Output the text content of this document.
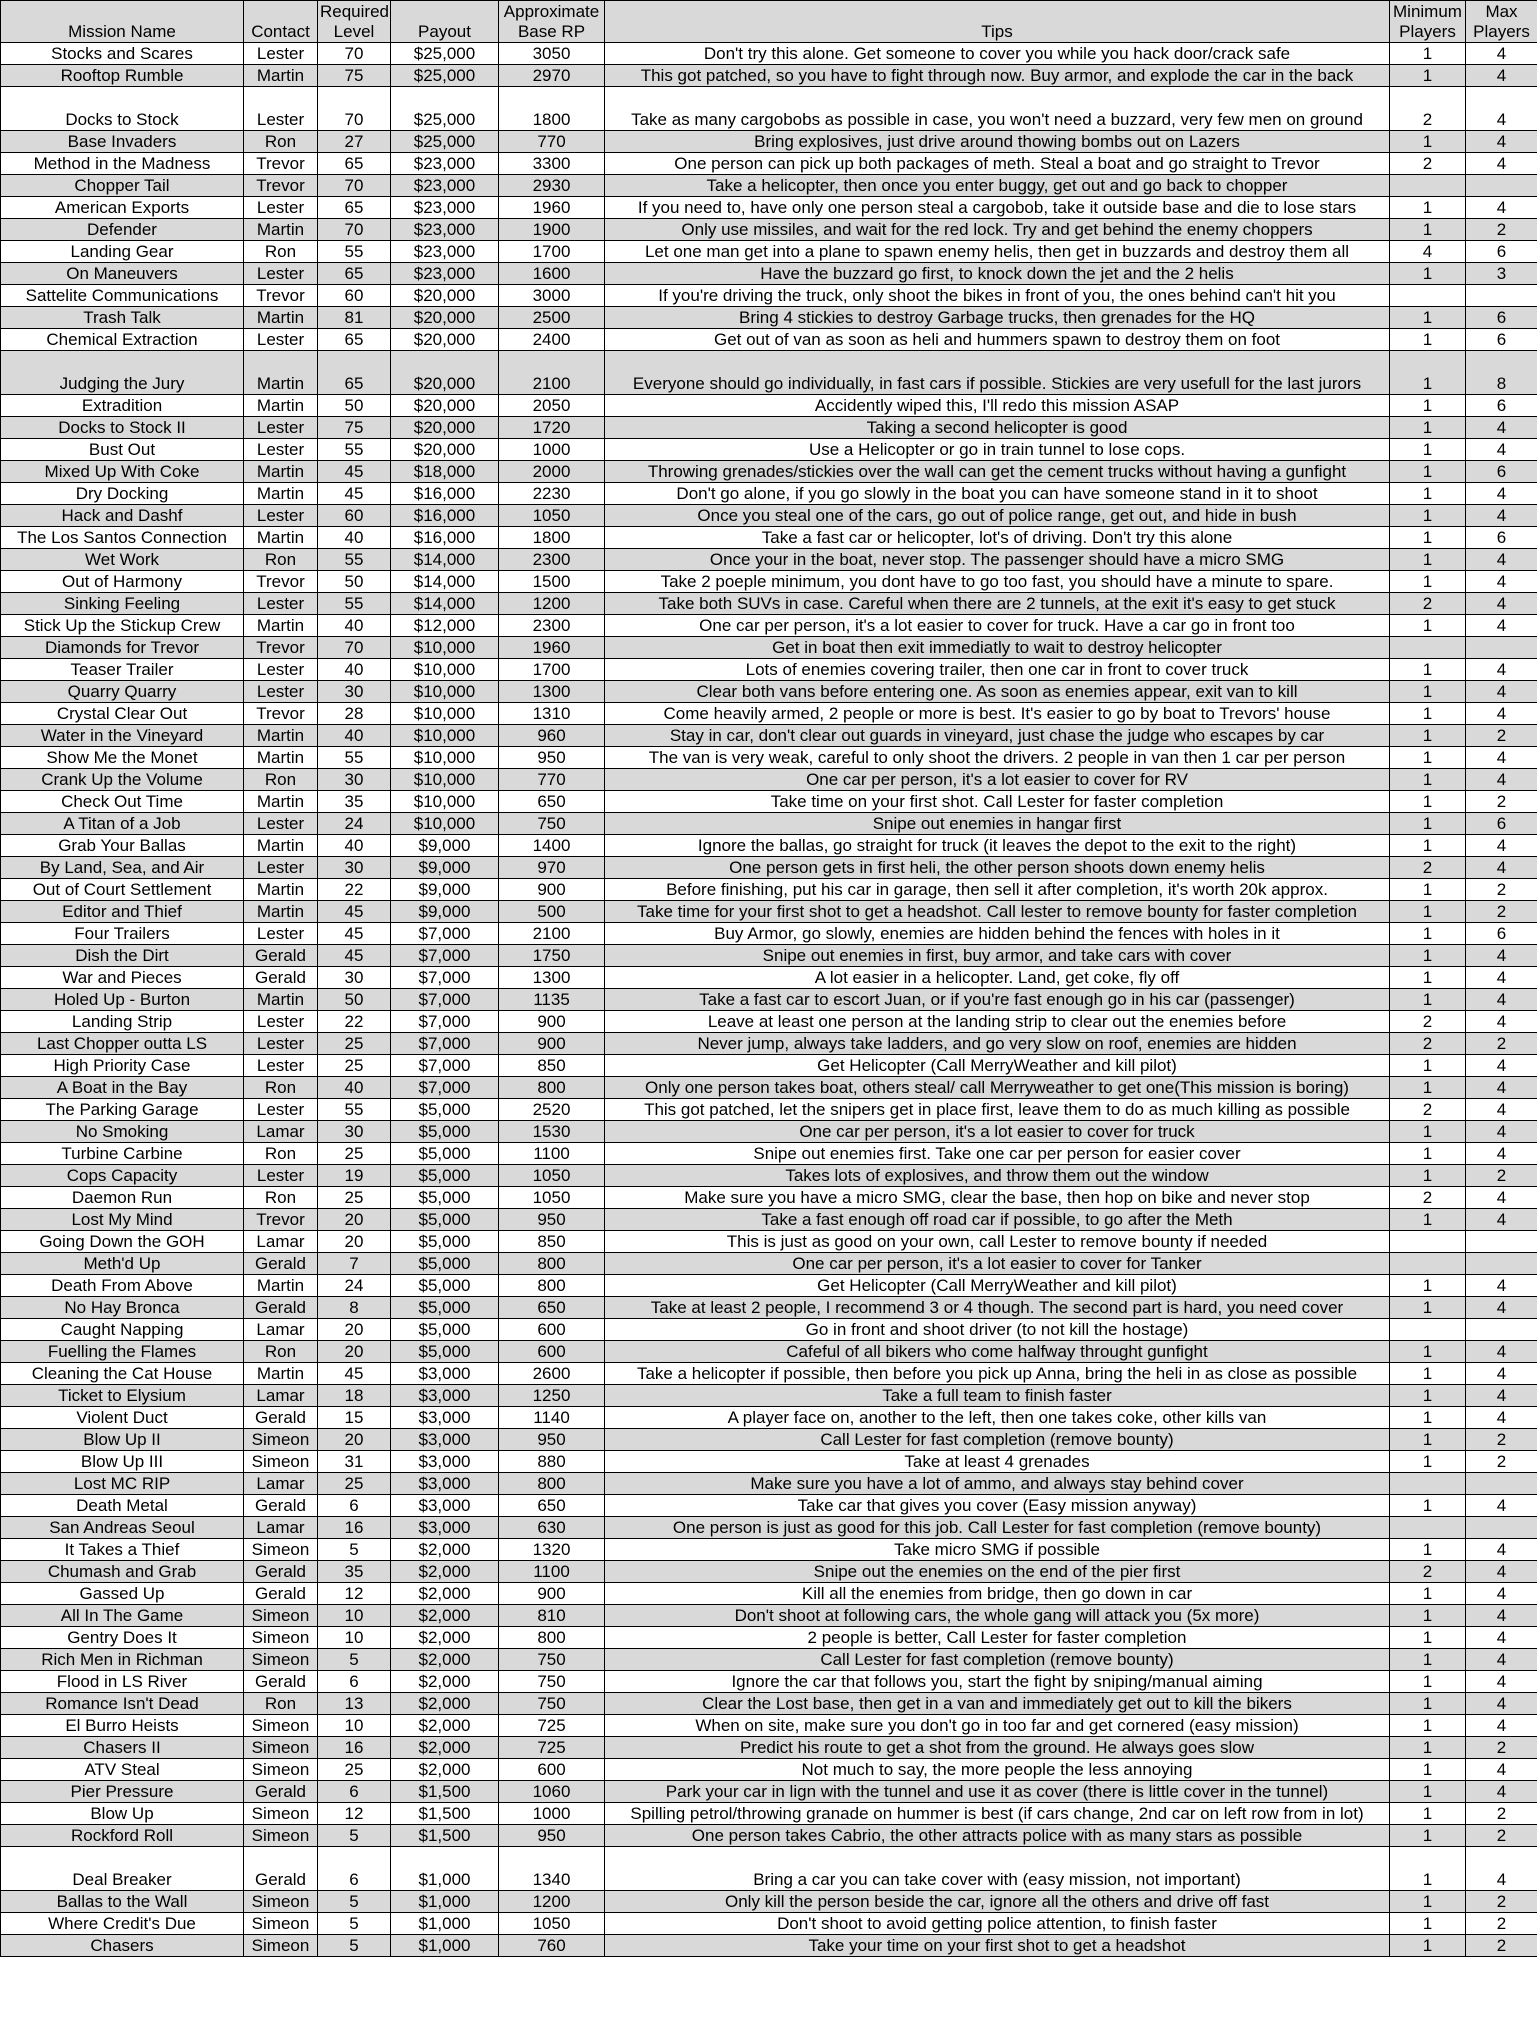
Mission Name	Contact	Required Level	Payout	Approximate Base RP	Tips	Minimum Players	Max Players
Stocks and Scares	Lester	70	$25,000	3050	Don't try this alone. Get someone to cover you while you hack door/crack safe	1	4
Rooftop Rumble	Martin	75	$25,000	2970	This got patched, so you have to fight through now. Buy armor, and explode the car in the back	1	4
Docks to Stock	Lester	70	$25,000	1800	Take as many cargobobs as possible in case, you won't need a buzzard, very few men on ground	2	4
Base Invaders	Ron	27	$25,000	770	Bring explosives, just drive around thowing bombs out on Lazers	1	4
Method in the Madness	Trevor	65	$23,000	3300	One person can pick up both packages of meth. Steal a boat and go straight to Trevor	2	4
Chopper Tail	Trevor	70	$23,000	2930	Take a helicopter, then once you enter buggy, get out and go back to chopper		
American Exports	Lester	65	$23,000	1960	If you need to, have only one person steal a cargobob, take it outside base and die to lose stars	1	4
Defender	Martin	70	$23,000	1900	Only use missiles, and wait for the red lock. Try and get behind the enemy choppers	1	2
Landing Gear	Ron	55	$23,000	1700	Let one man get into a plane to spawn enemy helis, then get in buzzards and destroy them all	4	6
On Maneuvers	Lester	65	$23,000	1600	Have the buzzard go first, to knock down the jet and the 2 helis	1	3
Sattelite Communications	Trevor	60	$20,000	3000	If you're driving the truck, only shoot the bikes in front of you, the ones behind can't hit you		
Trash Talk	Martin	81	$20,000	2500	Bring 4 stickies to destroy Garbage trucks, then grenades for the HQ	1	6
Chemical Extraction	Lester	65	$20,000	2400	Get out of van as soon as heli and hummers spawn to destroy them on foot	1	6
Judging the Jury	Martin	65	$20,000	2100	Everyone should go individually, in fast cars if possible. Stickies are very usefull for the last jurors	1	8
Extradition	Martin	50	$20,000	2050	Accidently wiped this, I'll redo this mission ASAP	1	6
Docks to Stock II	Lester	75	$20,000	1720	Taking a second helicopter is good	1	4
Bust Out	Lester	55	$20,000	1000	Use a Helicopter or go in train tunnel to lose cops.	1	4
Mixed Up With Coke	Martin	45	$18,000	2000	Throwing grenades/stickies over the wall can get the cement trucks without having a gunfight	1	6
Dry Docking	Martin	45	$16,000	2230	Don't go alone, if you go slowly in the boat you can have someone stand in it to shoot	1	4
Hack and Dashf	Lester	60	$16,000	1050	Once you steal one of the cars, go out of police range, get out, and hide in bush	1	4
The Los Santos Connection	Martin	40	$16,000	1800	Take a fast car or helicopter, lot's of driving. Don't try this alone	1	6
Wet Work	Ron	55	$14,000	2300	Once your in the boat, never stop. The passenger should have a micro SMG	1	4
Out of Harmony	Trevor	50	$14,000	1500	Take 2 poeple minimum, you dont have to go too fast, you should have a minute to spare.	1	4
Sinking Feeling	Lester	55	$14,000	1200	Take both SUVs in case. Careful when there are 2 tunnels, at the exit it's easy to get stuck	2	4
Stick Up the Stickup Crew	Martin	40	$12,000	2300	One car per person, it's a lot easier to cover for truck. Have a car go in front too	1	4
Diamonds for Trevor	Trevor	70	$10,000	1960	Get in boat then exit immediatly to wait to destroy helicopter		
Teaser Trailer	Lester	40	$10,000	1700	Lots of enemies covering trailer, then one car in front to cover truck	1	4
Quarry Quarry	Lester	30	$10,000	1300	Clear both vans before entering one. As soon as enemies appear, exit van to kill	1	4
Crystal Clear Out	Trevor	28	$10,000	1310	Come heavily armed, 2 people or more is best. It's easier to go by boat to Trevors' house	1	4
Water in the Vineyard	Martin	40	$10,000	960	Stay in car, don't clear out guards in vineyard, just chase the judge who escapes by car	1	2
Show Me the Monet	Martin	55	$10,000	950	The van is very weak, careful to only shoot the drivers. 2 people in van then 1 car per person	1	4
Crank Up the Volume	Ron	30	$10,000	770	One car per person, it's a lot easier to cover for RV	1	4
Check Out Time	Martin	35	$10,000	650	Take time on your first shot. Call Lester for faster completion	1	2
A Titan of a Job	Lester	24	$10,000	750	Snipe out enemies in hangar first	1	6
Grab Your Ballas	Martin	40	$9,000	1400	Ignore the ballas, go straight for truck (it leaves the depot to the exit to the right)	1	4
By Land, Sea, and Air	Lester	30	$9,000	970	One person gets in first heli, the other person shoots down enemy helis	2	4
Out of Court Settlement	Martin	22	$9,000	900	Before finishing, put his car in garage, then sell it after completion, it's worth 20k approx.	1	2
Editor and Thief	Martin	45	$9,000	500	Take time for your first shot to get a headshot. Call lester to remove bounty for faster completion	1	2
Four Trailers	Lester	45	$7,000	2100	Buy Armor, go slowly, enemies are hidden behind the fences with holes in it	1	6
Dish the Dirt	Gerald	45	$7,000	1750	Snipe out enemies in first, buy armor, and take cars with cover	1	4
War and Pieces	Gerald	30	$7,000	1300	A lot easier in a helicopter. Land, get coke, fly off	1	4
Holed Up - Burton	Martin	50	$7,000	1135	Take a fast car to escort Juan, or if you're fast enough go in his car (passenger)	1	4
Landing Strip	Lester	22	$7,000	900	Leave at least one person at the landing strip to clear out the enemies before	2	4
Last Chopper outta LS	Lester	25	$7,000	900	Never jump, always take ladders, and go very slow on roof, enemies are hidden	2	2
High Priority Case	Lester	25	$7,000	850	Get Helicopter (Call MerryWeather and kill pilot)	1	4
A Boat in the Bay	Ron	40	$7,000	800	Only one person takes boat, others steal/ call Merryweather to get one(This mission is boring)	1	4
The Parking Garage	Lester	55	$5,000	2520	This got patched, let the snipers get in place first, leave them to do as much killing as possible	2	4
No Smoking	Lamar	30	$5,000	1530	One car per person, it's a lot easier to cover for truck	1	4
Turbine Carbine	Ron	25	$5,000	1100	Snipe out enemies first. Take one car per person for easier cover	1	4
Cops Capacity	Lester	19	$5,000	1050	Takes lots of explosives, and throw them out the window	1	2
Daemon Run	Ron	25	$5,000	1050	Make sure you have a micro SMG, clear the base, then hop on bike and never stop	2	4
Lost My Mind	Trevor	20	$5,000	950	Take a fast enough off road car if possible, to go after the Meth	1	4
Going Down the GOH	Lamar	20	$5,000	850	This is just as good on your own, call Lester to remove bounty if needed		
Meth'd Up	Gerald	7	$5,000	800	One car per person, it's a lot easier to cover for Tanker		
Death From Above	Martin	24	$5,000	800	Get Helicopter (Call MerryWeather and kill pilot)	1	4
No Hay Bronca	Gerald	8	$5,000	650	Take at least 2 people, I recommend 3 or 4 though. The second part is hard, you need cover	1	4
Caught Napping	Lamar	20	$5,000	600	Go in front and shoot driver (to not kill the hostage)		
Fuelling the Flames	Ron	20	$5,000	600	Cafeful of all bikers who come halfway throught gunfight	1	4
Cleaning the Cat House	Martin	45	$3,000	2600	Take a helicopter if possible, then before you pick up Anna, bring the heli in as close as possible	1	4
Ticket to Elysium	Lamar	18	$3,000	1250	Take a full team to finish faster	1	4
Violent Duct	Gerald	15	$3,000	1140	A player face on, another to the left, then one takes coke, other kills van	1	4
Blow Up II	Simeon	20	$3,000	950	Call Lester for fast completion (remove bounty)	1	2
Blow Up III	Simeon	31	$3,000	880	Take at least 4 grenades	1	2
Lost MC RIP	Lamar	25	$3,000	800	Make sure you have a lot of ammo, and always stay behind cover		
Death Metal	Gerald	6	$3,000	650	Take car that gives you cover (Easy mission anyway)	1	4
San Andreas Seoul	Lamar	16	$3,000	630	One person is just as good for this job. Call Lester for fast completion (remove bounty)		
It Takes a Thief	Simeon	5	$2,000	1320	Take micro SMG if possible	1	4
Chumash and Grab	Gerald	35	$2,000	1100	Snipe out the enemies on the end of the pier first	2	4
Gassed Up	Gerald	12	$2,000	900	Kill all the enemies from bridge, then go down in car	1	4
All In The Game	Simeon	10	$2,000	810	Don't shoot at following cars, the whole gang will attack you (5x more)	1	4
Gentry Does It	Simeon	10	$2,000	800	2 people is better, Call Lester for faster completion	1	4
Rich Men in Richman	Simeon	5	$2,000	750	Call Lester for fast completion (remove bounty)	1	4
Flood in LS River	Gerald	6	$2,000	750	Ignore the car that follows you, start the fight by sniping/manual aiming	1	4
Romance Isn't Dead	Ron	13	$2,000	750	Clear the Lost base, then get in a van and immediately get out to kill the bikers	1	4
El Burro Heists	Simeon	10	$2,000	725	When on site, make sure you don't go in too far and get cornered (easy mission)	1	4
Chasers II	Simeon	16	$2,000	725	Predict his route to get a shot from the ground. He always goes slow	1	2
ATV Steal	Simeon	25	$2,000	600	Not much to say, the more people the less annoying	1	4
Pier Pressure	Gerald	6	$1,500	1060	Park your car in lign with the tunnel and use it as cover (there is little cover in the tunnel)	1	4
Blow Up	Simeon	12	$1,500	1000	Spilling petrol/throwing granade on hummer is best (if cars change, 2nd car on left row from in lot)	1	2
Rockford Roll	Simeon	5	$1,500	950	One person takes Cabrio, the other attracts police with as many stars as possible	1	2
Deal Breaker	Gerald	6	$1,000	1340	Bring a car you can take cover with (easy mission, not important)	1	4
Ballas to the Wall	Simeon	5	$1,000	1200	Only kill the person beside the car, ignore all the others and drive off fast	1	2
Where Credit's Due	Simeon	5	$1,000	1050	Don't shoot to avoid getting police attention, to finish faster	1	2
Chasers	Simeon	5	$1,000	760	Take your time on your first shot to get a headshot	1	2
